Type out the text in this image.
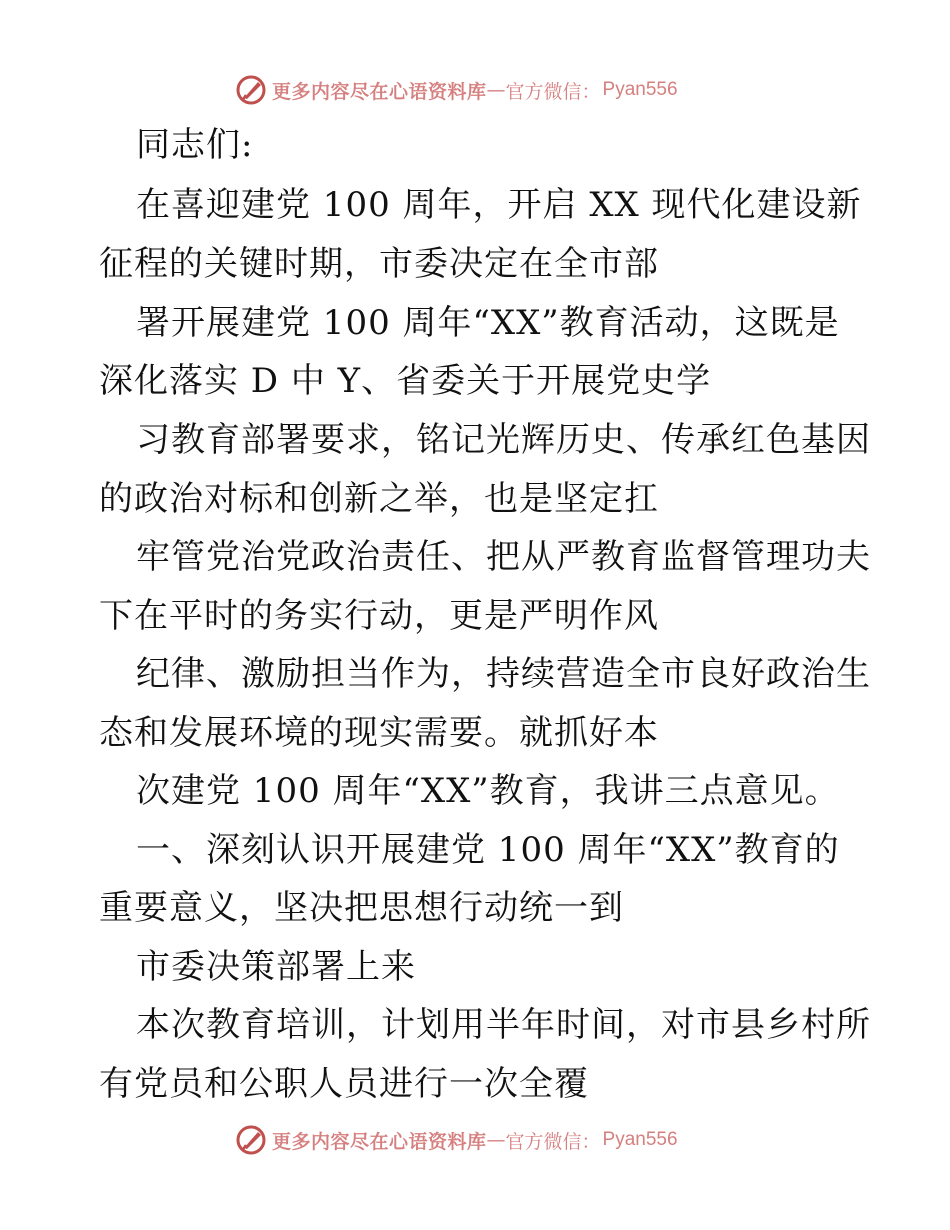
更多内容尽在心语资料库 — 官方微信： Pyan556
同志们:
在喜迎建党 100 周年，开启 XX 现代化建设新
征程的关键时期，市委决定在全市部
署开展建党 100 周年“XX”教育活动，这既是
深化落实 D 中 Y、省委关于开展党史学
习教育部署要求，铭记光辉历史、传承红色基因
的政治对标和创新之举，也是坚定扛
牢管党治党政治责任、把从严教育监督管理功夫
下在平时的务实行动，更是严明作风
纪律、激励担当作为，持续营造全市良好政治生
态和发展环境的现实需要。就抓好本
次建党 100 周年“XX”教育，我讲三点意见。
一、深刻认识开展建党 100 周年“XX”教育的
重要意义，坚决把思想行动统一到
市委决策部署上来
本次教育培训，计划用半年时间，对市县乡村所
有党员和公职人员进行一次全覆
更多内容尽在心语资料库 — 官方微信： Pyan556
